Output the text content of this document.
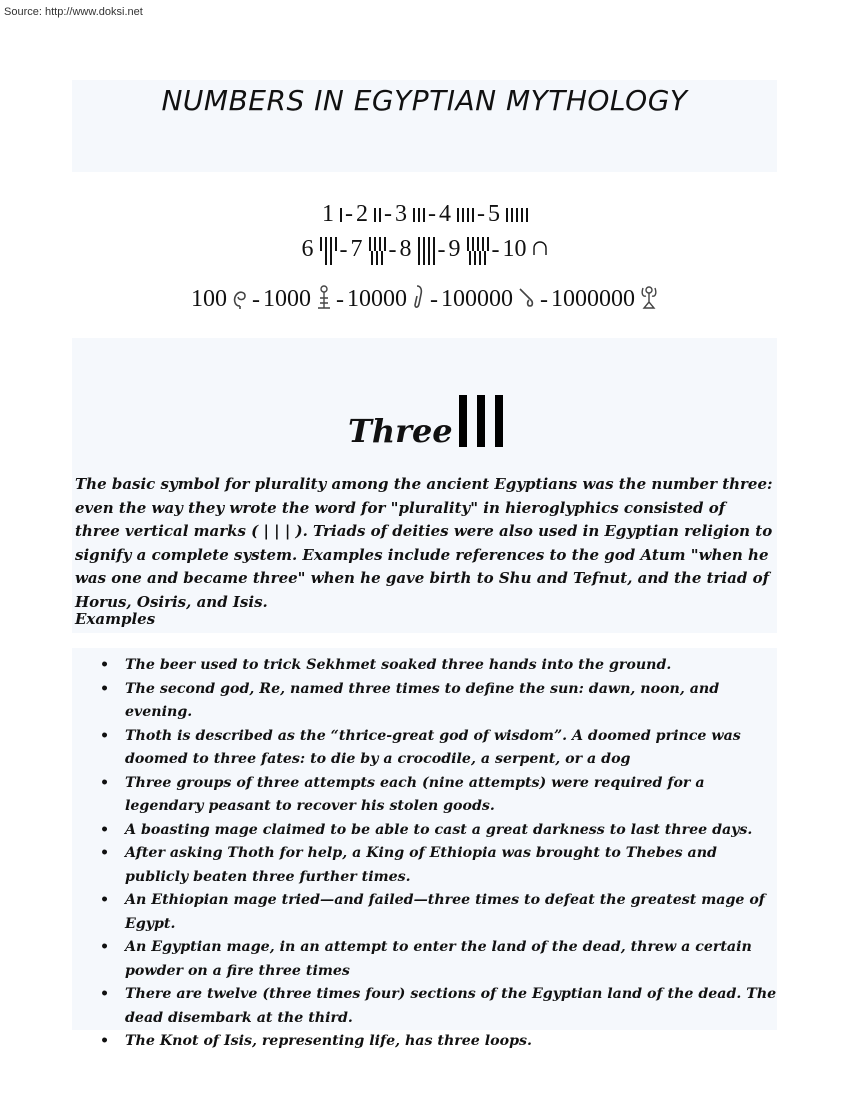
Source: http://www.doksi.net
NUMBERS IN EGYPTIAN MYTHOLOGY
1 - 2 - 3 - 4 - 5
6 - 7 - 8 - 9 - 10
100 - 1000 - 10000 - 100000 - 1000000
Three
The basic symbol for plurality among the ancient Egyptians was the number three: even the way they wrote the word for "plurality" in hieroglyphics consisted of three vertical marks ( | | | ). Triads of deities were also used in Egyptian religion to signify a complete system. Examples include references to the god Atum "when he was one and became three" when he gave birth to Shu and Tefnut, and the triad of Horus, Osiris, and Isis.
Examples
• The beer used to trick Sekhmet soaked three hands into the ground.
• The second god, Re, named three times to define the sun: dawn, noon, and evening.
• Thoth is described as the “thrice-great god of wisdom”. A doomed prince was doomed to three fates: to die by a crocodile, a serpent, or a dog
• Three groups of three attempts each (nine attempts) were required for a legendary peasant to recover his stolen goods.
• A boasting mage claimed to be able to cast a great darkness to last three days.
• After asking Thoth for help, a King of Ethiopia was brought to Thebes and publicly beaten three further times.
• An Ethiopian mage tried—and failed—three times to defeat the greatest mage of Egypt.
• An Egyptian mage, in an attempt to enter the land of the dead, threw a certain powder on a fire three times
• There are twelve (three times four) sections of the Egyptian land of the dead. The dead disembark at the third.
• The Knot of Isis, representing life, has three loops.
